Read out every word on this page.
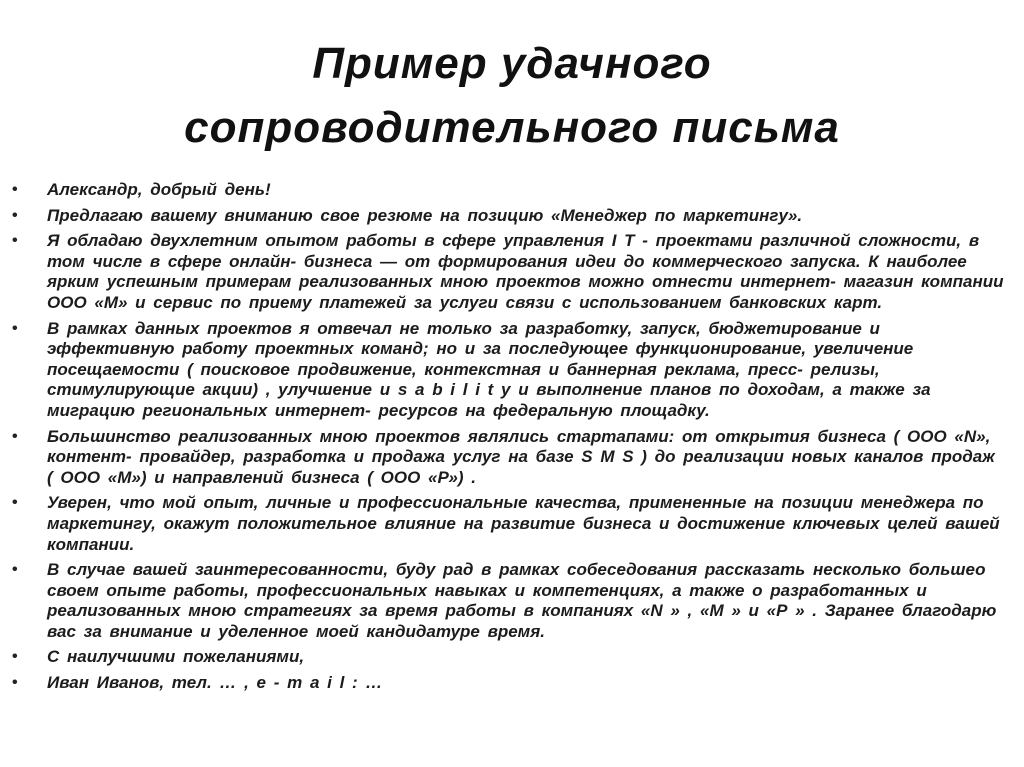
Пример удачного
сопроводительного письма
• Александр, добрый день!
• Предлагаю вашему вниманию свое резюме на позицию «Менеджер по маркетингу».
• Я обладаю двухлетним опытом работы в сфере управления I T - проектами различной сложности, в том числе в сфере онлайн- бизнеса — от формирования идеи до коммерческого запуска. К наиболее ярким успешным примерам реализованных мною проектов можно отнести интернет- магазин компании ООО «М» и сервис по приему платежей за услуги связи с использованием банковских карт.
• В рамках данных проектов я отвечал не только за разработку, запуск, бюджетирование и эффективную работу проектных команд; но и за последующее функционирование, увеличение посещаемости ( поисковое продвижение, контекстная и баннерная реклама, пресс- релизы, стимулирующие акции) , улучшение u s a b i l i t y и выполнение планов по доходам, а также за миграцию региональных интернет- ресурсов на федеральную площадку.
• Большинство реализованных мною проектов являлись стартапами: от открытия бизнеса ( ООО «N», контент- провайдер, разработка и продажа услуг на базе S M S ) до реализации новых каналов продаж ( ООО «М») и направлений бизнеса ( ООО «Р») .
• Уверен, что мой опыт, личные и профессиональные качества, примененные на позиции менеджера по маркетингу, окажут положительное влияние на развитие бизнеса и достижение ключевых целей вашей компании.
• В случае вашей заинтересованности, буду рад в рамках собеседования рассказать несколько большео своем опыте работы, профессиональных навыках и компетенциях, а также о разработанных и реализованных мною стратегиях за время работы в компаниях «N » , «М » и «Р » . Заранее благодарю вас за внимание и уделенное моей кандидатуре время.
• С наилучшими пожеланиями,
• Иван Иванов, тел. … , e - m a i l : …
